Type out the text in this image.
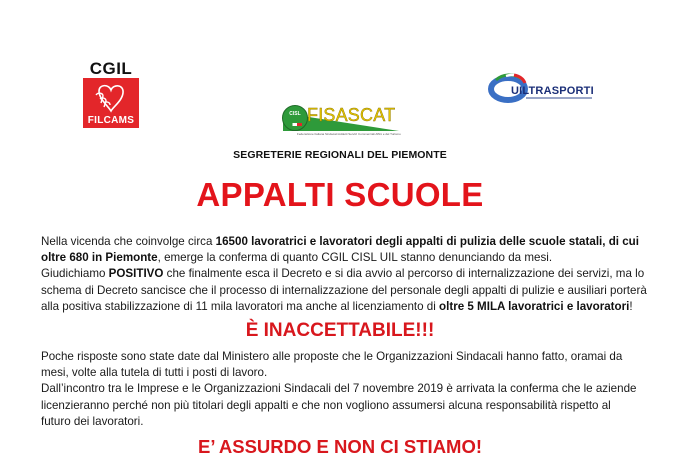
CGIL
FILCAMS
CISL FISASCAT
Federazione Italiana Sindacati Addetti Servizi Commerciali Affini e del Turismo
UILTRASPORTI
SEGRETERIE REGIONALI DEL PIEMONTE
APPALTI SCUOLE
Nella vicenda che coinvolge circa 16500 lavoratrici e lavoratori degli appalti di pulizia delle scuole statali, di cui
oltre 680 in Piemonte, emerge la conferma di quanto CGIL CISL UIL stanno denunciando da mesi.
Giudichiamo POSITIVO che finalmente esca il Decreto e si dia avvio al percorso di internalizzazione dei servizi, ma lo
schema di Decreto sancisce che il processo di internalizzazione del personale degli appalti di pulizie e ausiliari porterà
alla positiva stabilizzazione di 11 mila lavoratori ma anche al licenziamento di oltre 5 MILA lavoratrici e lavoratori!
È INACCETTABILE!!!
Poche risposte sono state date dal Ministero alle proposte che le Organizzazioni Sindacali hanno fatto, oramai da
mesi, volte alla tutela di tutti i posti di lavoro.
Dall’incontro tra le Imprese e le Organizzazioni Sindacali del 7 novembre 2019 è arrivata la conferma che le aziende
licenzieranno perché non più titolari degli appalti e che non vogliono assumersi alcuna responsabilità rispetto al
futuro dei lavoratori.
E’ ASSURDO E NON CI STIAMO!
